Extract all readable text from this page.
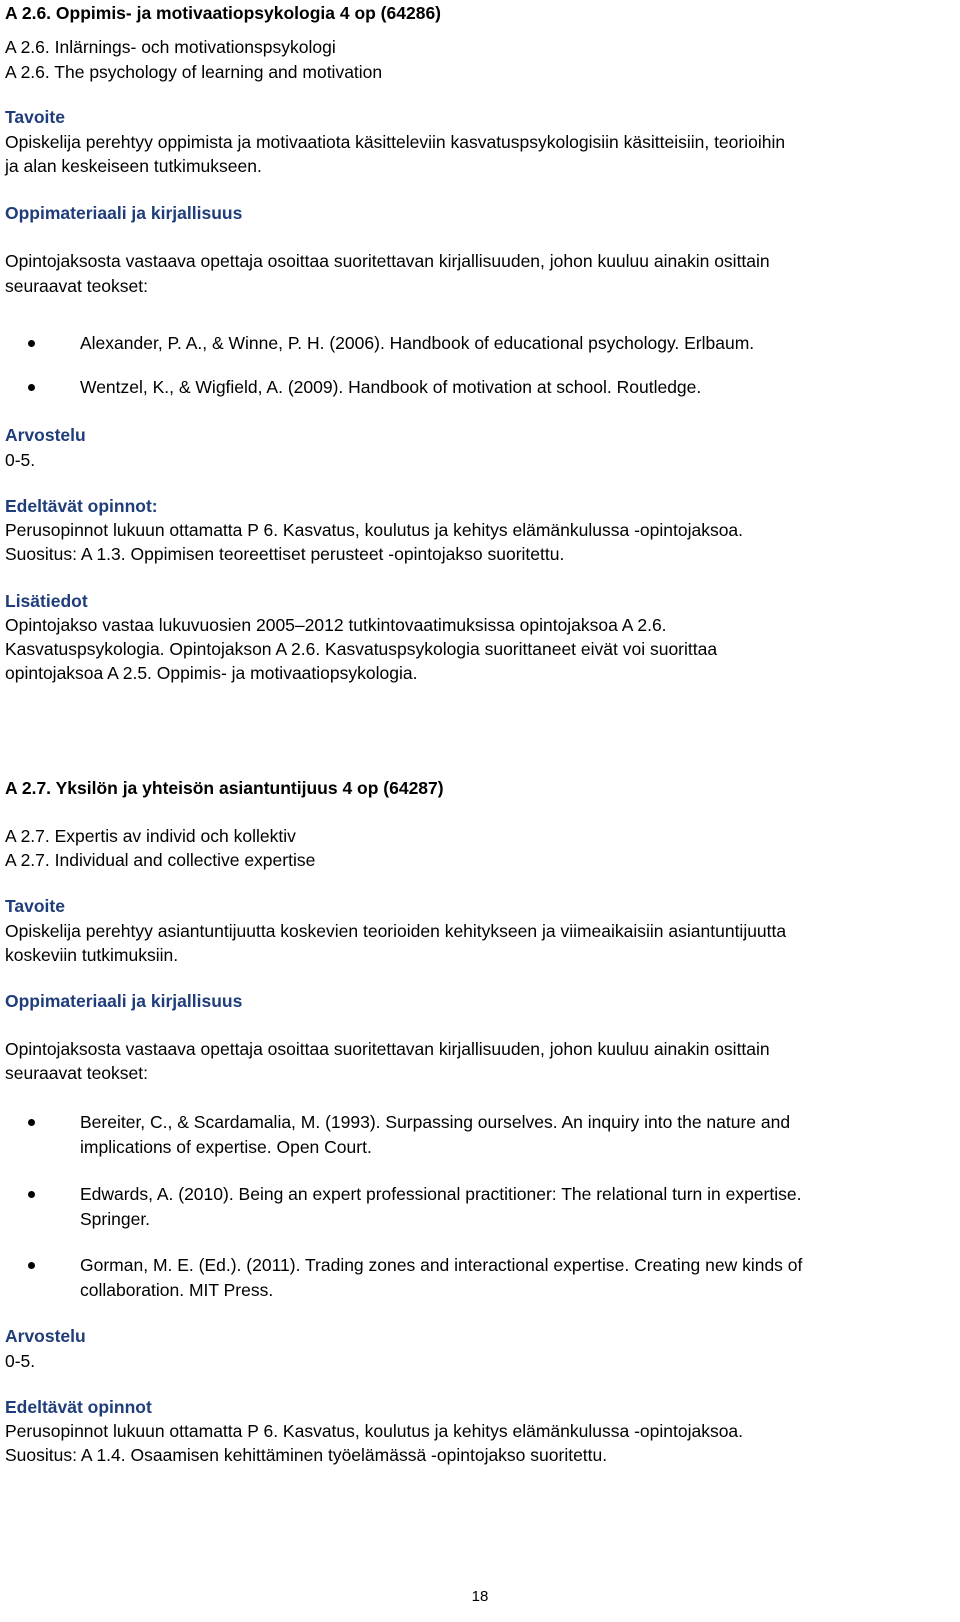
A 2.6. Oppimis- ja motivaatiopsykologia 4 op (64286)
A 2.6. Inlärnings- och motivationspsykologi
A 2.6. The psychology of learning and motivation
Tavoite
Opiskelija perehtyy oppimista ja motivaatiota käsitteleviin kasvatuspsykologisiin käsitteisiin, teorioihin
ja alan keskeiseen tutkimukseen.
Oppimateriaali ja kirjallisuus
Opintojaksosta vastaava opettaja osoittaa suoritettavan kirjallisuuden, johon kuuluu ainakin osittain
seuraavat teokset:
Alexander, P. A., & Winne, P. H. (2006). Handbook of educational psychology. Erlbaum.
Wentzel, K., & Wigfield, A. (2009). Handbook of motivation at school. Routledge.
Arvostelu
0-5.
Edeltävät opinnot:
Perusopinnot lukuun ottamatta P 6. Kasvatus, koulutus ja kehitys elämänkulussa -opintojaksoa.
Suositus: A 1.3. Oppimisen teoreettiset perusteet -opintojakso suoritettu.
Lisätiedot
Opintojakso vastaa lukuvuosien 2005–2012 tutkintovaatimuksissa opintojaksoa A 2.6.
Kasvatuspsykologia. Opintojakson A 2.6. Kasvatuspsykologia suorittaneet eivät voi suorittaa
opintojaksoa A 2.5. Oppimis- ja motivaatiopsykologia.
A 2.7. Yksilön ja yhteisön asiantuntijuus 4 op (64287)
A 2.7. Expertis av individ och kollektiv
A 2.7. Individual and collective expertise
Tavoite
Opiskelija perehtyy asiantuntijuutta koskevien teorioiden kehitykseen ja viimeaikaisiin asiantuntijuutta
koskeviin tutkimuksiin.
Oppimateriaali ja kirjallisuus
Opintojaksosta vastaava opettaja osoittaa suoritettavan kirjallisuuden, johon kuuluu ainakin osittain
seuraavat teokset:
Bereiter, C., & Scardamalia, M. (1993). Surpassing ourselves. An inquiry into the nature and
implications of expertise. Open Court.
Edwards, A. (2010). Being an expert professional practitioner: The relational turn in expertise.
Springer.
Gorman, M. E. (Ed.). (2011). Trading zones and interactional expertise. Creating new kinds of
collaboration. MIT Press.
Arvostelu
0-5.
Edeltävät opinnot
Perusopinnot lukuun ottamatta P 6. Kasvatus, koulutus ja kehitys elämänkulussa -opintojaksoa.
Suositus: A 1.4. Osaamisen kehittäminen työelämässä -opintojakso suoritettu.
18
